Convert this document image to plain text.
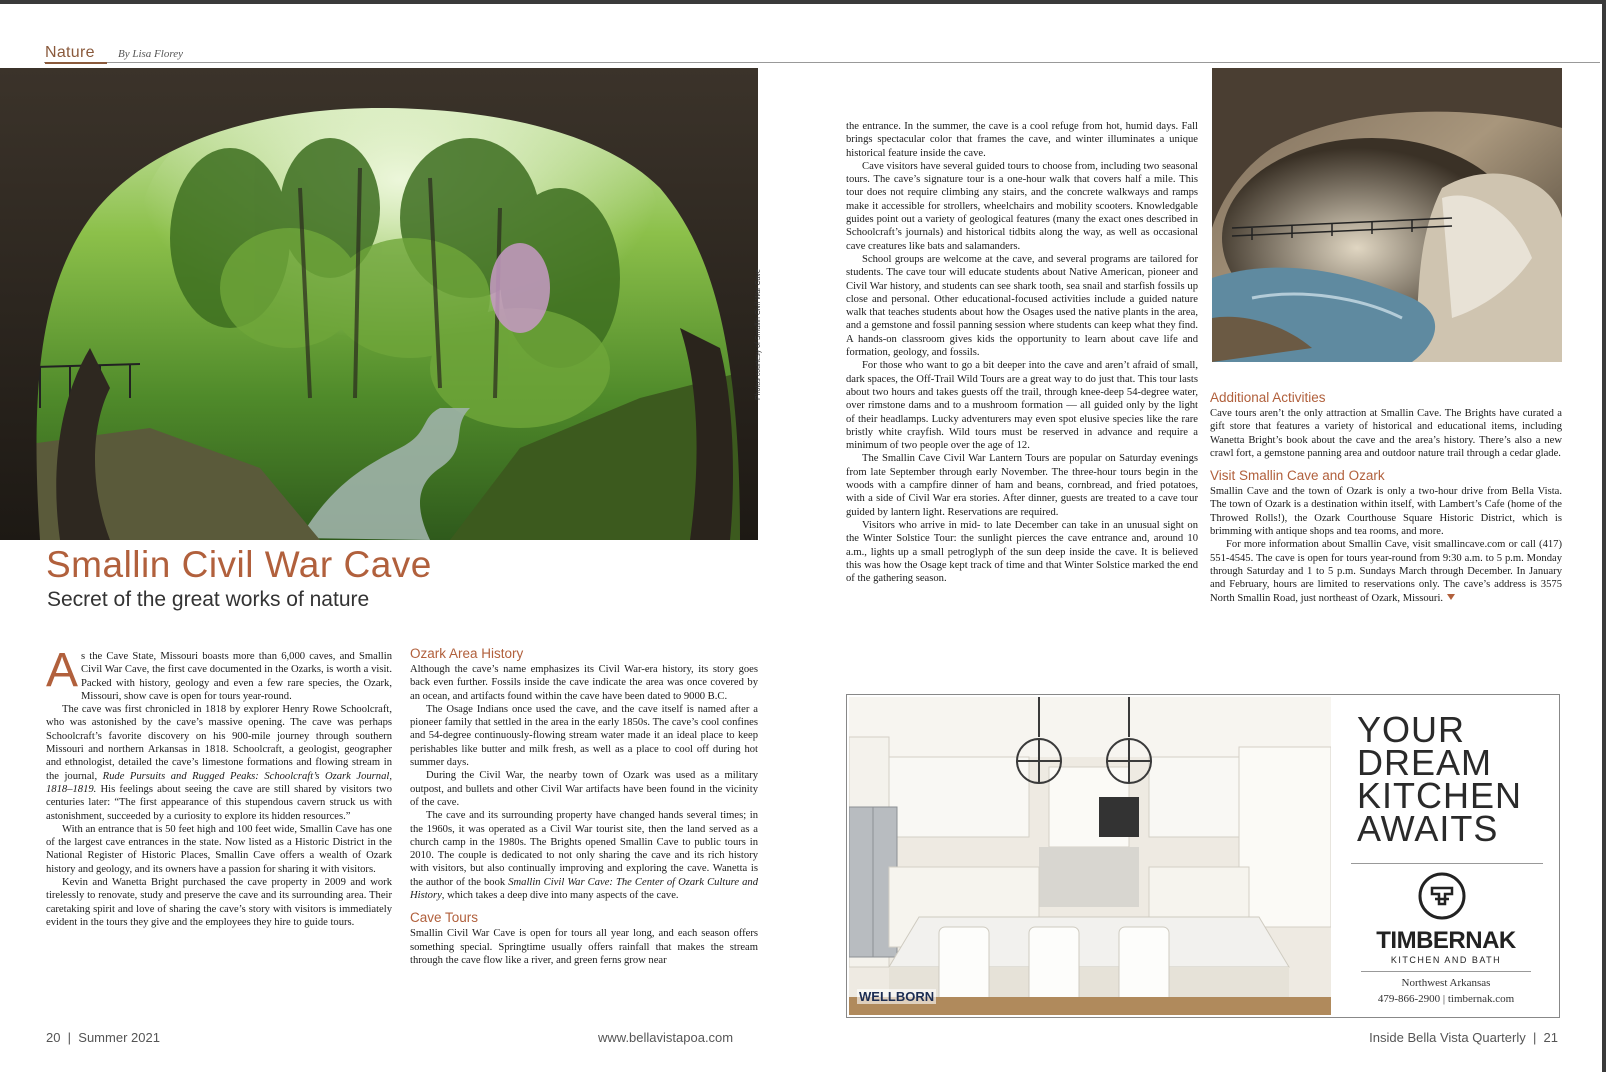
Nature By Lisa Florey
Photos courtesy of Smallin Civil War Cave
Smallin Civil War Cave
Secret of the great works of nature

As the Cave State, Missouri boasts more than 6,000 caves, and Smallin Civil War Cave, the first cave documented in the Ozarks, is worth a visit. Packed with history, geology and even a few rare species, the Ozark, Missouri, show cave is open for tours year-round.

The cave was first chronicled in 1818 by explorer Henry Rowe Schoolcraft, who was astonished by the cave’s massive opening. The cave was perhaps Schoolcraft’s favorite discovery on his 900-mile journey through southern Missouri and northern Arkansas in 1818. Schoolcraft, a geologist, geographer and ethnologist, detailed the cave’s limestone formations and flowing stream in the journal, Rude Pursuits and Rugged Peaks: Schoolcraft’s Ozark Journal, 1818–1819. His feelings about seeing the cave are still shared by visitors two centuries later: “The first appearance of this stupendous cavern struck us with astonishment, succeeded by a curiosity to explore its hidden resources.”

With an entrance that is 50 feet high and 100 feet wide, Smallin Cave has one of the largest cave entrances in the state. Now listed as a Historic District in the National Register of Historic Places, Smallin Cave offers a wealth of Ozark history and geology, and its owners have a passion for sharing it with visitors.

Kevin and Wanetta Bright purchased the cave property in 2009 and work tirelessly to renovate, study and preserve the cave and its surrounding area. Their caretaking spirit and love of sharing the cave’s story with visitors is immediately evident in the tours they give and the employees they hire to guide tours.

Ozark Area History

Although the cave’s name emphasizes its Civil War-era history, its story goes back even further. Fossils inside the cave indicate the area was once covered by an ocean, and artifacts found within the cave have been dated to 9000 B.C.

The Osage Indians once used the cave, and the cave itself is named after a pioneer family that settled in the area in the early 1850s. The cave’s cool confines and 54-degree continuously-flowing stream water made it an ideal place to keep perishables like butter and milk fresh, as well as a place to cool off during hot summer days.

During the Civil War, the nearby town of Ozark was used as a military outpost, and bullets and other Civil War artifacts have been found in the vicinity of the cave.

The cave and its surrounding property have changed hands several times; in the 1960s, it was operated as a Civil War tourist site, then the land served as a church camp in the 1980s. The Brights opened Smallin Cave to public tours in 2010. The couple is dedicated to not only sharing the cave and its rich history with visitors, but also continually improving and exploring the cave. Wanetta is the author of the book Smallin Civil War Cave: The Center of Ozark Culture and History, which takes a deep dive into many aspects of the cave.

Cave Tours

Smallin Civil War Cave is open for tours all year long, and each season offers something special. Springtime usually offers rainfall that makes the stream through the cave flow like a river, and green ferns grow near

the entrance. In the summer, the cave is a cool refuge from hot, humid days. Fall brings spectacular color that frames the cave, and winter illuminates a unique historical feature inside the cave.

Cave visitors have several guided tours to choose from, including two seasonal tours. The cave’s signature tour is a one-hour walk that covers half a mile. This tour does not require climbing any stairs, and the concrete walkways and ramps make it accessible for strollers, wheelchairs and mobility scooters. Knowledgable guides point out a variety of geological features (many the exact ones described in Schoolcraft’s journals) and historical tidbits along the way, as well as occasional cave creatures like bats and salamanders.

School groups are welcome at the cave, and several programs are tailored for students. The cave tour will educate students about Native American, pioneer and Civil War history, and students can see shark tooth, sea snail and starfish fossils up close and personal. Other educational-focused activities include a guided nature walk that teaches students about how the Osages used the native plants in the area, and a gemstone and fossil panning session where students can keep what they find. A hands-on classroom gives kids the opportunity to learn about cave life and formation, geology, and fossils.

For those who want to go a bit deeper into the cave and aren’t afraid of small, dark spaces, the Off-Trail Wild Tours are a great way to do just that. This tour lasts about two hours and takes guests off the trail, through knee-deep 54-degree water, over rimstone dams and to a mushroom formation — all guided only by the light of their headlamps. Lucky adventurers may even spot elusive species like the rare bristly white crayfish. Wild tours must be reserved in advance and require a minimum of two people over the age of 12.

The Smallin Cave Civil War Lantern Tours are popular on Saturday evenings from late September through early November. The three-hour tours begin in the woods with a campfire dinner of ham and beans, cornbread, and fried potatoes, with a side of Civil War era stories. After dinner, guests are treated to a cave tour guided by lantern light. Reservations are required.

Visitors who arrive in mid- to late December can take in an unusual sight on the Winter Solstice Tour: the sunlight pierces the cave entrance and, around 10 a.m., lights up a small petroglyph of the sun deep inside the cave. It is believed this was how the Osage kept track of time and that Winter Solstice marked the end of the gathering season.

Additional Activities

Cave tours aren’t the only attraction at Smallin Cave. The Brights have curated a gift store that features a variety of historical and educational items, including Wanetta Bright’s book about the cave and the area’s history. There’s also a new crawl fort, a gemstone panning area and outdoor nature trail through a cedar glade.

Visit Smallin Cave and Ozark

Smallin Cave and the town of Ozark is only a two-hour drive from Bella Vista. The town of Ozark is a destination within itself, with Lambert’s Cafe (home of the Throwed Rolls!), the Ozark Courthouse Square Historic District, which is brimming with antique shops and tea rooms, and more.

For more information about Smallin Cave, visit smallincave.com or call (417) 551-4545. The cave is open for tours year-round from 9:30 a.m. to 5 p.m. Monday through Saturday and 1 to 5 p.m. Sundays March through December. In January and February, hours are limited to reservations only. The cave’s address is 3575 North Smallin Road, just northeast of Ozark, Missouri.

WELLBORN
YOUR
DREAM
KITCHEN
AWAITS
TIMBERNAK
KITCHEN AND BATH
Northwest Arkansas
479-866-2900 | timbernak.com
20  |  Summer 2021	www.bellavistapoa.com	Inside Bella Vista Quarterly  |  21
